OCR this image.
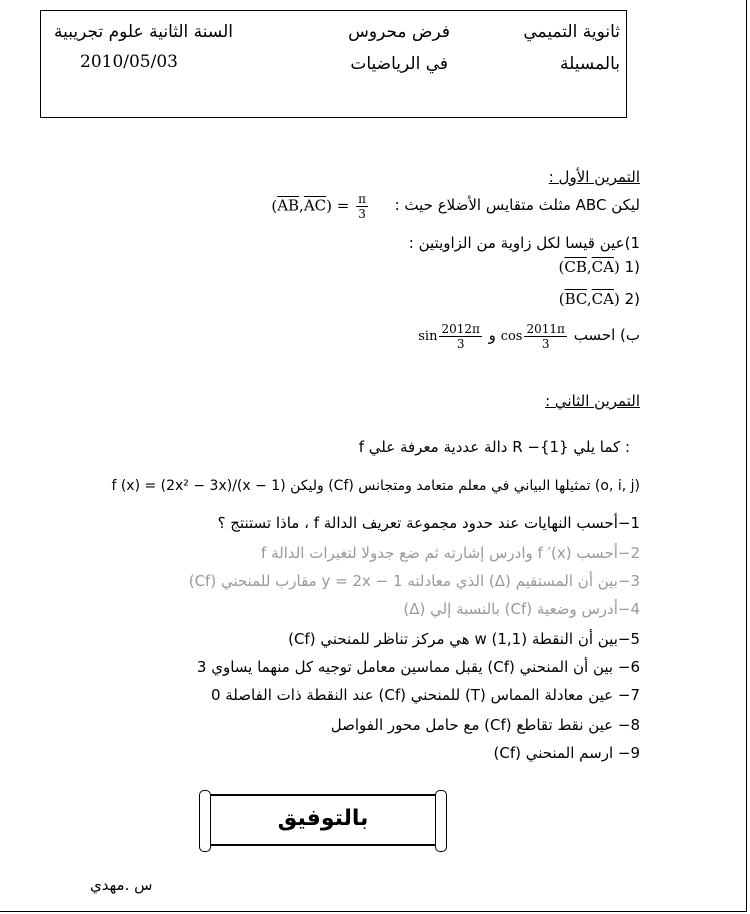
ثانوية التميمي
بالمسيلة
فرض محروس
في الرياضيات
السنة الثانية علوم تجريبية
2010/05/03
التمرين الأول :
ليكن ABC مثلث متقايس الأضلاع حيث :
$(\overline{AB},\overline{AC}) = \frac{\pi}{3}$
1)عين قيسا لكل زاوية من الزاويتين :
$(\overline{CB},\overline{CA})$ 1)
$(\overline{BC},\overline{CA})$ 2)
$\sin \frac{2012\pi}{3}$ و $\cos \frac{2011\pi}{3}$ ب) احسب
التمرين الثاني :
f دالة عددية معرفة علي R −{1} كما يلي :
f (x) = (2x² − 3x)/(x − 1) وليكن (Cf) تمثيلها البياني في معلم متعامد ومتجانس (o, i, j)
1−أحسب النهايات عند حدود مجموعة تعريف الدالة f ، ماذا تستنتج ؟
2−أحسب f ′(x) وادرس إشارته ثم ضع جدولا لتغيرات الدالة f
3−بين أن المستقيم (Δ) الذي معادلته y = 2x − 1 مقارب للمنحني (Cf)
4−أدرس وضعية (Cf) بالنسبة إلي (Δ)
5−بين أن النقطة w (1,1) هي مركز تناظر للمنحني (Cf)
6− بين أن المنحني (Cf) يقبل مماسين معامل توجيه كل منهما يساوي 3
7− عين معادلة المماس (T) للمنحني (Cf) عند النقطة ذات الفاصلة 0
8− عين نقط تقاطع (Cf) مع حامل محور الفواصل
9− ارسم المنحني (Cf)
بالتوفيق
س .مهدي
